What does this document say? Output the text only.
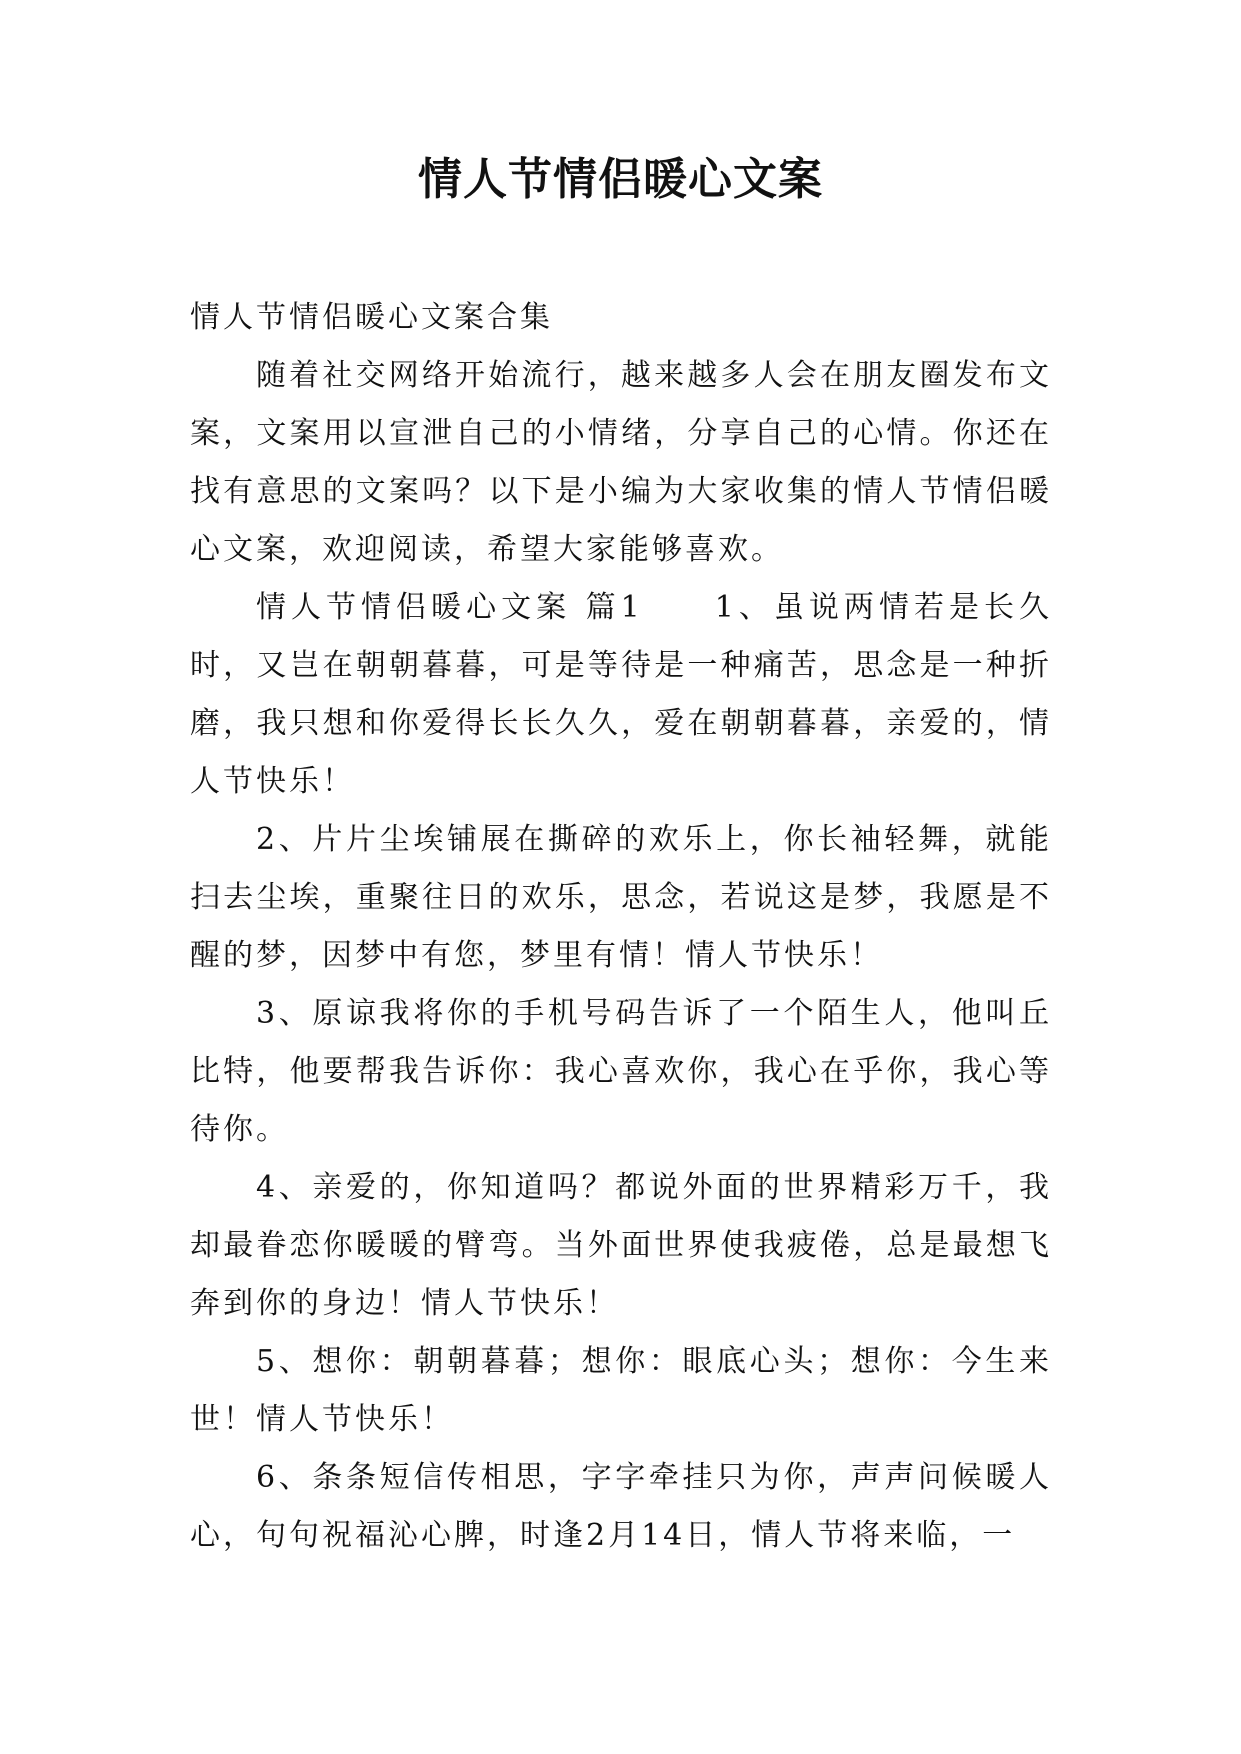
情人节情侣暖心文案

情人节情侣暖心文案合集

随着社交网络开始流行，越来越多人会在朋友圈发布文案，文案用以宣泄自己的小情绪，分享自己的心情。你还在找有意思的文案吗？以下是小编为大家收集的情人节情侣暖心文案，欢迎阅读，希望大家能够喜欢。

情人节情侣暖心文案 篇1　　1、虽说两情若是长久时，又岂在朝朝暮暮，可是等待是一种痛苦，思念是一种折磨，我只想和你爱得长长久久，爱在朝朝暮暮，亲爱的，情人节快乐！

2、片片尘埃铺展在撕碎的欢乐上，你长袖轻舞，就能扫去尘埃，重聚往日的欢乐，思念，若说这是梦，我愿是不醒的梦，因梦中有您，梦里有情！情人节快乐！

3、原谅我将你的手机号码告诉了一个陌生人，他叫丘比特，他要帮我告诉你：我心喜欢你，我心在乎你，我心等待你。

4、亲爱的，你知道吗？都说外面的世界精彩万千，我却最眷恋你暖暖的臂弯。当外面世界使我疲倦，总是最想飞奔到你的身边！情人节快乐！

5、想你：朝朝暮暮；想你：眼底心头；想你：今生来世！情人节快乐！

6、条条短信传相思，字字牵挂只为你，声声问候暖人心，句句祝福沁心脾，时逢2月14日，情人节将来临，一
